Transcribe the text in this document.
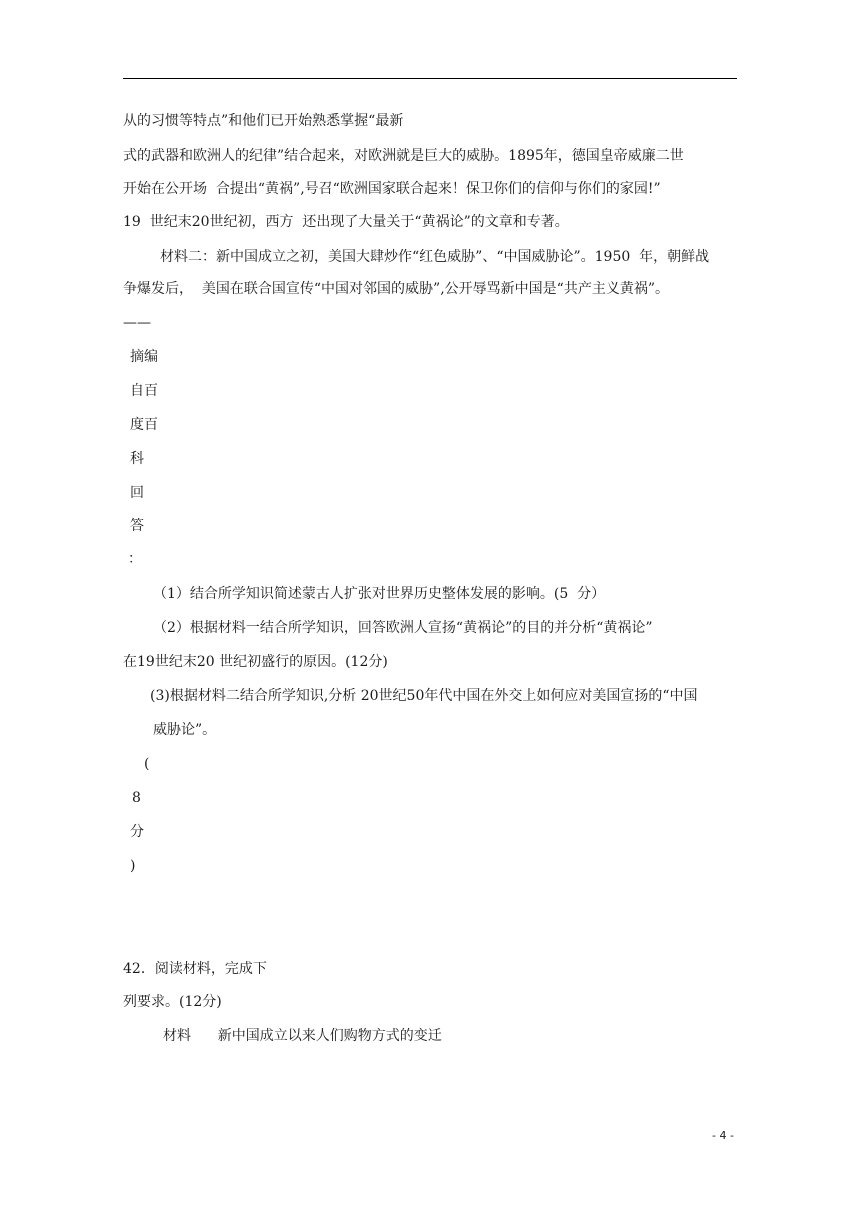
从的习惯等特点”和他们已开始熟悉掌握“最新
式的武器和欧洲人的纪律”结合起来，对欧洲就是巨大的威胁。1895年，德国皇帝威廉二世
开始在公开场  合提出“黄祸”,号召“欧洲国家联合起来！保卫你们的信仰与你们的家园!”
19  世纪末20世纪初，西方  还出现了大量关于“黄祸论”的文章和专著。
材料二：新中国成立之初，美国大肆炒作“红色威胁”、“中国威胁论”。1950  年，朝鲜战
争爆发后，  美国在联合国宣传“中国对邻国的威胁”,公开辱骂新中国是“共产主义黄祸”。
——
摘编
自百
度百
科
回
答
：
（1）结合所学知识简述蒙古人扩张对世界历史整体发展的影响。(5  分）
（2）根据材料一结合所学知识，回答欧洲人宣扬“黄祸论”的目的并分析“黄祸论”
在19世纪末20 世纪初盛行的原因。(12分)
(3)根据材料二结合所学知识,分析 20世纪50年代中国在外交上如何应对美国宣扬的“中国
威胁论”。
(
8
分
)
42．阅读材料，完成下
列要求。(12分)
材料      新中国成立以来人们购物方式的变迁
- 4 -
